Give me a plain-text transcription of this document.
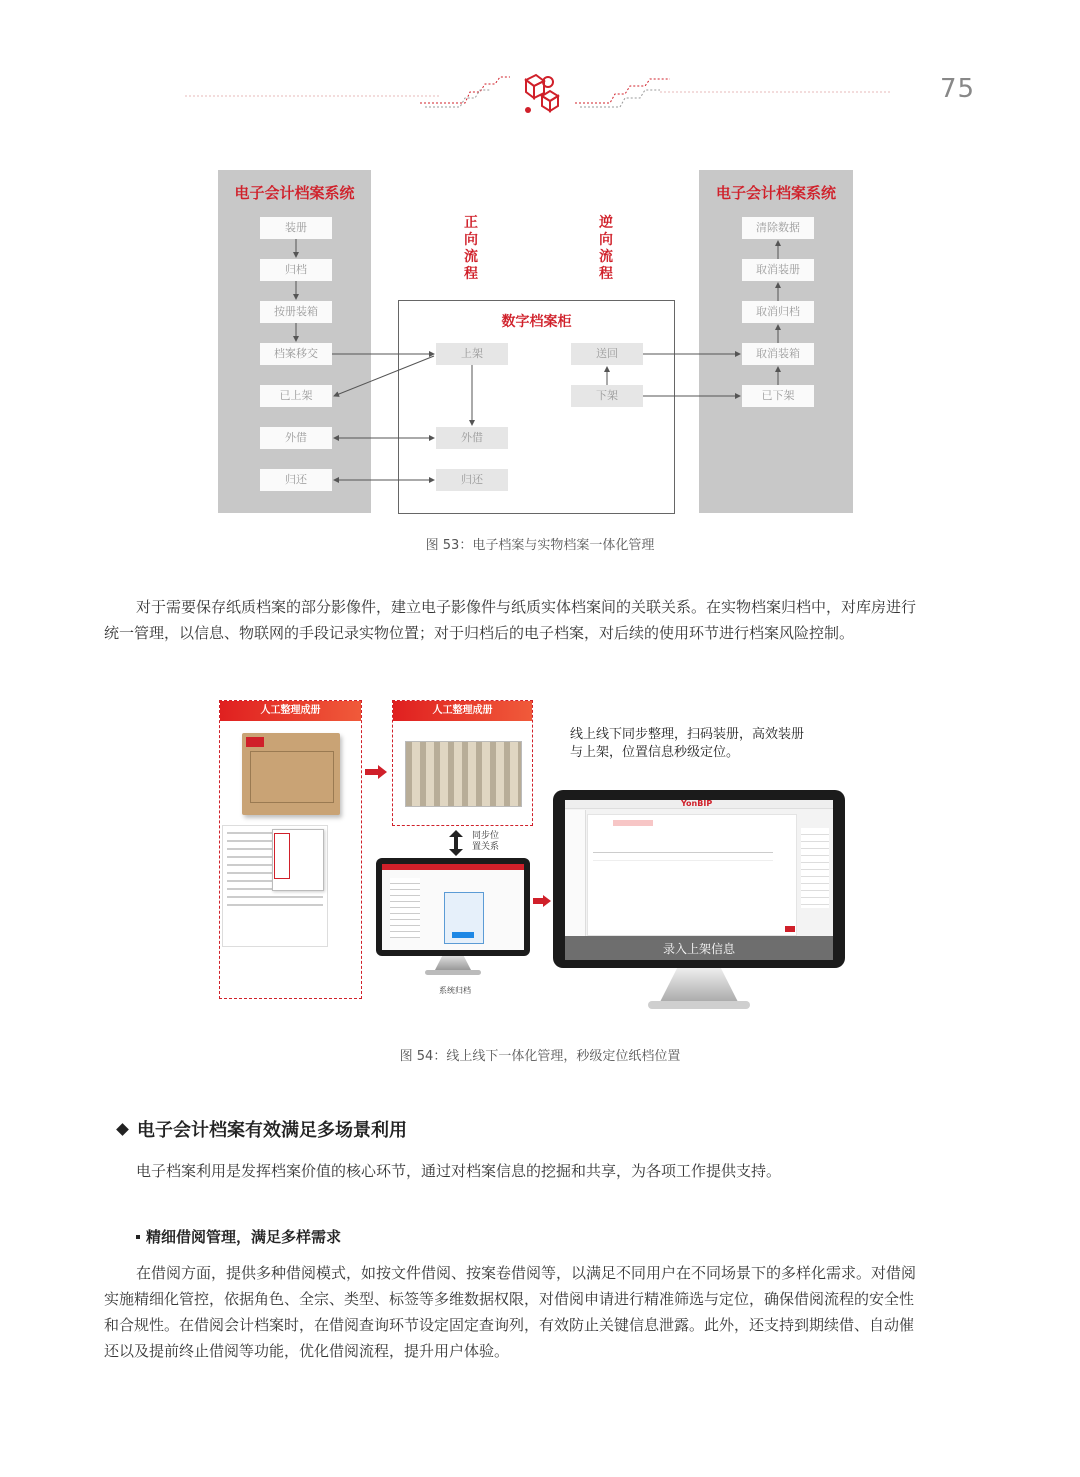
75
电子会计档案系统	电子会计档案系统
装册
归档
按册装箱
档案移交
已上架
外借
归还
清除数据
取消装册
取消归档
取消装箱
已下架
正
向
流
程
逆
向
流
程
数字档案柜
上架
外借
归还
送回
下架
图 53：电子档案与实物档案一体化管理
对于需要保存纸质档案的部分影像件，建立电子影像件与纸质实体档案间的关联关系。在实物档案归档中，对库房进行
统一管理，以信息、物联网的手段记录实物位置；对于归档后的电子档案，对后续的使用环节进行档案风险控制。
人工整理成册	人工整理成册
同步位
置关系
线上线下同步整理，扫码装册，高效装册
与上架，位置信息秒级定位。
系统归档
YonBIP
录入上架信息
图 54：线上线下一体化管理，秒级定位纸档位置
电子会计档案有效满足多场景利用
电子档案利用是发挥档案价值的核心环节，通过对档案信息的挖掘和共享，为各项工作提供支持。
精细借阅管理，满足多样需求
在借阅方面，提供多种借阅模式，如按文件借阅、按案卷借阅等，以满足不同用户在不同场景下的多样化需求。对借阅
实施精细化管控，依据角色、全宗、类型、标签等多维数据权限，对借阅申请进行精准筛选与定位，确保借阅流程的安全性
和合规性。在借阅会计档案时，在借阅查询环节设定固定查询列，有效防止关键信息泄露。此外，还支持到期续借、自动催
还以及提前终止借阅等功能，优化借阅流程，提升用户体验。
